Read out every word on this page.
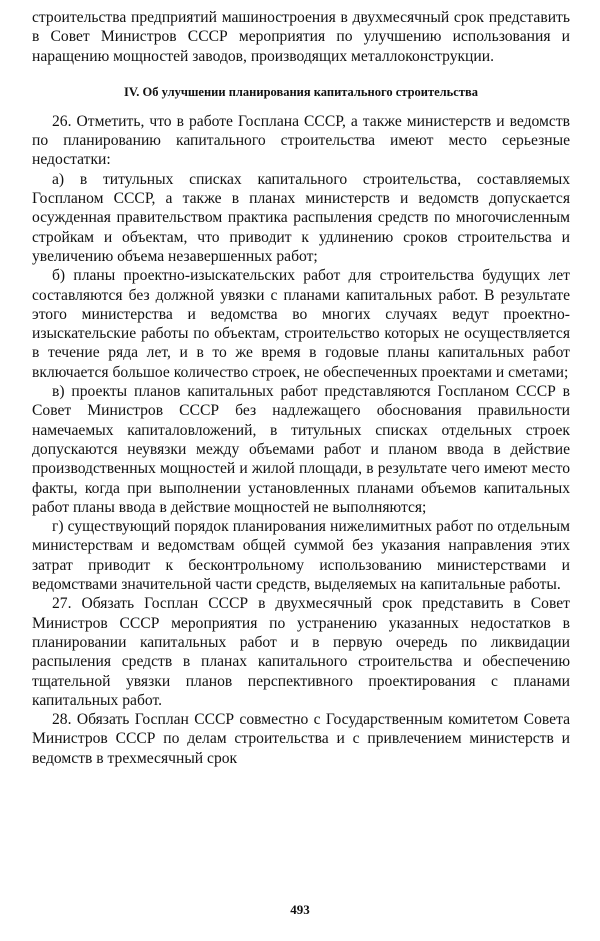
строительства предприятий машиностроения в двухмесячный срок представить в Совет Министров СССР мероприятия по улучшению использования и наращению мощностей заводов, производящих металлоконструкции.

IV. Об улучшении планирования капитального строительства

26. Отметить, что в работе Госплана СССР, а также министерств и ведомств по планированию капитального строительства имеют место серьезные недостатки:

а) в титульных списках капитального строительства, составляемых Госпланом СССР, а также в планах министерств и ведомств допускается осужденная правительством практика распыления средств по многочисленным стройкам и объектам, что приводит к удлинению сроков строительства и увеличению объема незавершенных работ;

б) планы проектно-изыскательских работ для строительства будущих лет составляются без должной увязки с планами капитальных работ. В результате этого министерства и ведомства во многих случаях ведут проектно-изыскательские работы по объектам, строительство которых не осуществляется в течение ряда лет, и в то же время в годовые планы капитальных работ включается большое количество строек, не обеспеченных проектами и сметами;

в) проекты планов капитальных работ представляются Госпланом СССР в Совет Министров СССР без надлежащего обоснования правильности намечаемых капиталовложений, в титульных списках отдельных строек допускаются неувязки между объемами работ и планом ввода в действие производственных мощностей и жилой площади, в результате чего имеют место факты, когда при выполнении установленных планами объемов капитальных работ планы ввода в действие мощностей не выполняются;

г) существующий порядок планирования нижелимитных работ по отдельным министерствам и ведомствам общей суммой без указания направления этих затрат приводит к бесконтрольному использованию министерствами и ведомствами значительной части средств, выделяемых на капитальные работы.

27. Обязать Госплан СССР в двухмесячный срок представить в Совет Министров СССР мероприятия по устранению указанных недостатков в планировании капитальных работ и в первую очередь по ликвидации распыления средств в планах капитального строительства и обеспечению тщательной увязки планов перспективного проектирования с планами капитальных работ.

28. Обязать Госплан СССР совместно с Государственным комитетом Совета Министров СССР по делам строительства и с привлечением министерств и ведомств в трехмесячный срок

493
